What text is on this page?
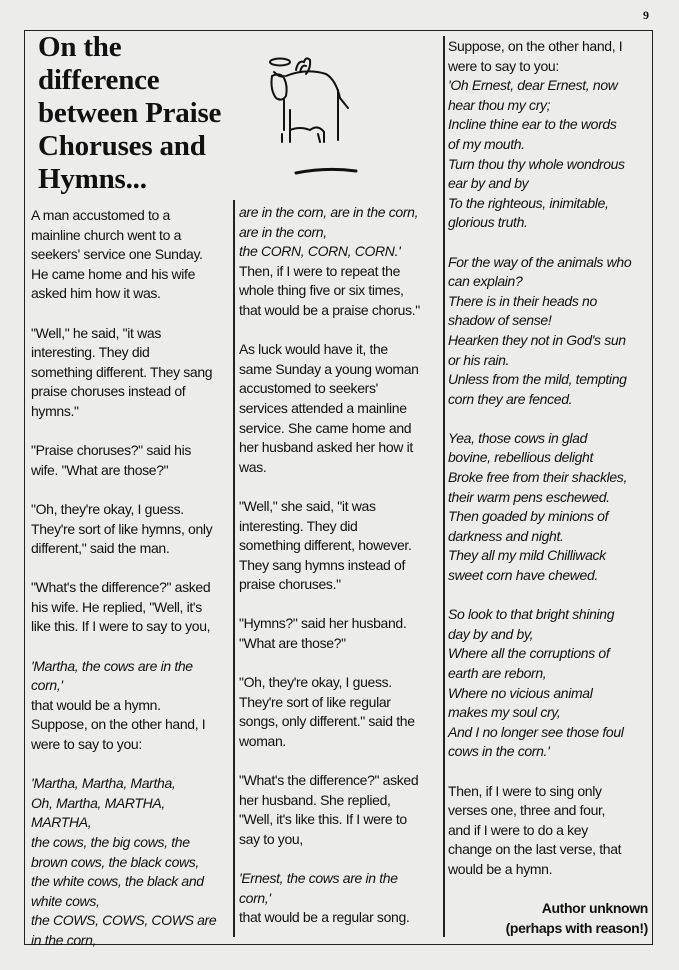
9
On the
difference
between Praise
Choruses and
Hymns...
A man accustomed to a
mainline church went to a
seekers' service one Sunday.
He came home and his wife
asked him how it was.
"Well," he said, "it was
interesting. They did
something different. They sang
praise choruses instead of
hymns."
"Praise choruses?" said his
wife. "What are those?"
"Oh, they're okay, I guess.
They're sort of like hymns, only
different," said the man.
"What's the difference?" asked
his wife. He replied, "Well, it's
like this. If I were to say to you,
'Martha, the cows are in the
corn,'
that would be a hymn.
Suppose, on the other hand, I
were to say to you:
'Martha, Martha, Martha,
Oh, Martha, MARTHA,
MARTHA,
the cows, the big cows, the
brown cows, the black cows,
the white cows, the black and
white cows,
the COWS, COWS, COWS are
in the corn,
are in the corn, are in the corn,
are in the corn,
the CORN, CORN, CORN.'
Then, if I were to repeat the
whole thing five or six times,
that would be a praise chorus."
As luck would have it, the
same Sunday a young woman
accustomed to seekers'
services attended a mainline
service. She came home and
her husband asked her how it
was.
"Well," she said, "it was
interesting. They did
something different, however.
They sang hymns instead of
praise choruses."
"Hymns?" said her husband.
"What are those?"
"Oh, they're okay, I guess.
They're sort of like regular
songs, only different." said the
woman.
"What's the difference?" asked
her husband. She replied,
"Well, it's like this. If I were to
say to you,
'Ernest, the cows are in the
corn,'
that would be a regular song.
Suppose, on the other hand, I
were to say to you:
'Oh Ernest, dear Ernest, now
hear thou my cry;
Incline thine ear to the words
of my mouth.
Turn thou thy whole wondrous
ear by and by
To the righteous, inimitable,
glorious truth.
For the way of the animals who
can explain?
There is in their heads no
shadow of sense!
Hearken they not in God's sun
or his rain.
Unless from the mild, tempting
corn they are fenced.
Yea, those cows in glad
bovine, rebellious delight
Broke free from their shackles,
their warm pens eschewed.
Then goaded by minions of
darkness and night.
They all my mild Chilliwack
sweet corn have chewed.
So look to that bright shining
day by and by,
Where all the corruptions of
earth are reborn,
Where no vicious animal
makes my soul cry,
And I no longer see those foul
cows in the corn.'
Then, if I were to sing only
verses one, three and four,
and if I were to do a key
change on the last verse, that
would be a hymn.
Author unknown
(perhaps with reason!)
